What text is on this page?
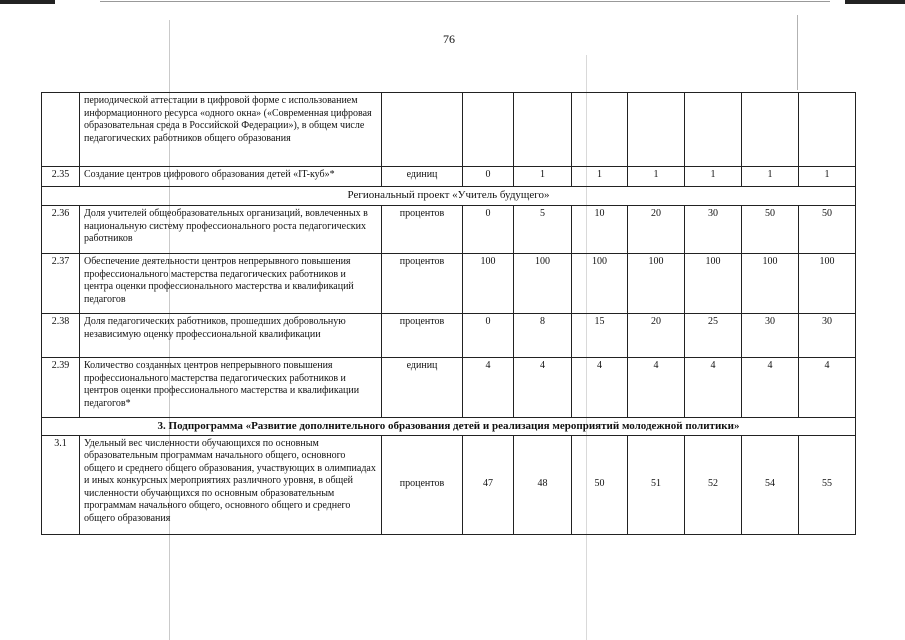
76
	периодической аттестации в цифровой форме с использованием информационного ресурса «одного окна» («Современная цифровая образовательная среда в Российской Федерации»), в общем числе педагогических работников общего образования								
2.35	Создание центров цифрового образования детей «IT-куб»*	единиц	0	1	1	1	1	1	1
Региональный проект «Учитель будущего»									
2.36	Доля учителей общеобразовательных организаций, вовлеченных в национальную систему профессионального роста педагогических работников	процентов	0	5	10	20	30	50	50
2.37	Обеспечение деятельности центров непрерывного повышения профессионального мастерства педагогических работников и центра оценки профессионального мастерства и квалификаций педагогов	процентов	100	100	100	100	100	100	100
2.38	Доля педагогических работников, прошедших добровольную независимую оценку профессиональной квалификации	процентов	0	8	15	20	25	30	30
2.39	Количество созданных центров непрерывного повышения профессионального мастерства педагогических работников и центров оценки профессионального мастерства и квалификации педагогов*	единиц	4	4	4	4	4	4	4
3. Подпрограмма «Развитие дополнительного образования детей и реализация мероприятий молодежной политики»									
3.1	Удельный вес численности обучающихся по основным образовательным программам начального общего, основного общего и среднего общего образования, участвующих в олимпиадах и иных конкурсных мероприятиях различного уровня, в общей численности обучающихся по основным образовательным программам начального общего, основного общего и среднего общего образования	процентов	47	48	50	51	52	54	55
